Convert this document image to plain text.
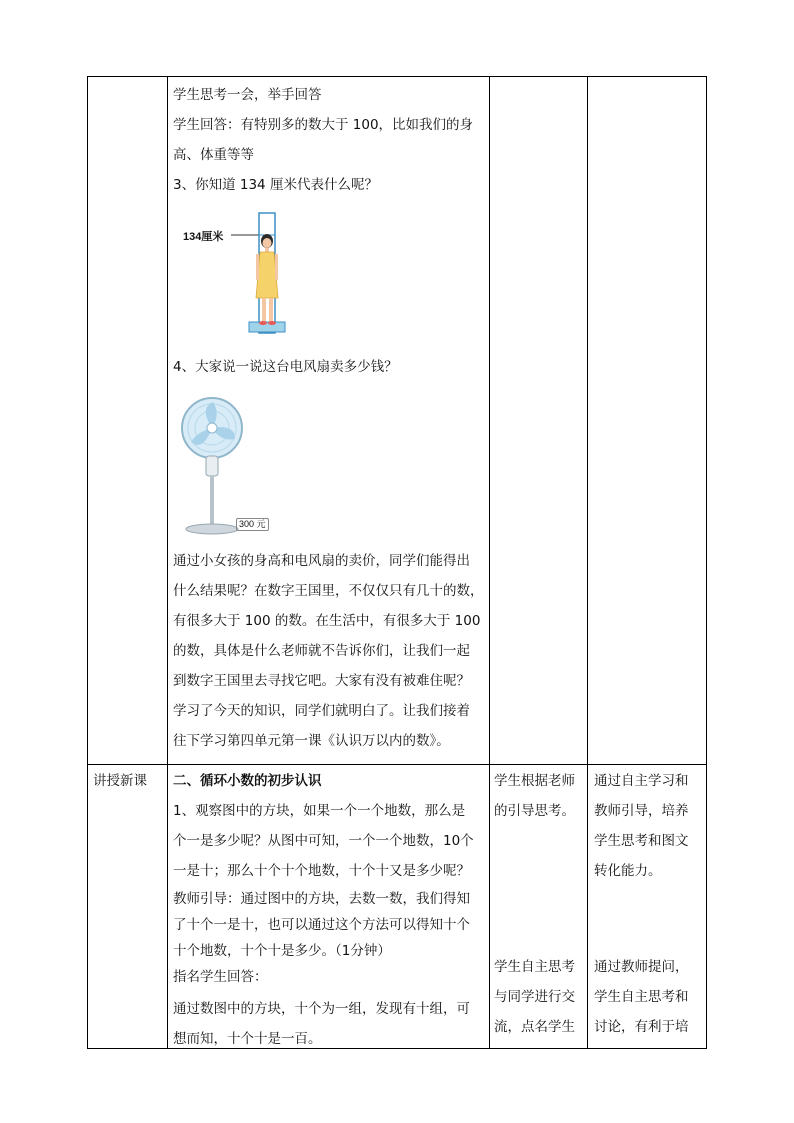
学生思考一会，举手回答
学生回答：有特别多的数大于 100，比如我们的身
高、体重等等
3、你知道 134 厘米代表什么呢？
134厘米
4、大家说一说这台电风扇卖多少钱？
300 元
通过小女孩的身高和电风扇的卖价，同学们能得出
什么结果呢？在数字王国里，不仅仅只有几十的数，
有很多大于 100 的数。在生活中，有很多大于 100
的数，具体是什么老师就不告诉你们，让我们一起
到数字王国里去寻找它吧。大家有没有被难住呢？
学习了今天的知识，同学们就明白了。让我们接着
往下学习第四单元第一课《认识万以内的数》。
讲授新课	二、循环小数的初步认识
1、观察图中的方块，如果一个一个地数，那么是
个一是多少呢？从图中可知，一个一个地数，10个
一是十；那么十个十个地数，十个十又是多少呢？
教师引导：通过图中的方块，去数一数，我们得知
了十个一是十，也可以通过这个方法可以得知十个
十个地数，十个十是多少。（1分钟）
指名学生回答：
通过数图中的方块，十个为一组，发现有十组，可
想而知，十个十是一百。
学生根据老师
的引导思考。
学生自主思考
与同学进行交
流，点名学生
通过自主学习和
教师引导，培养
学生思考和图文
转化能力。
通过教师提问，
学生自主思考和
讨论，有利于培
